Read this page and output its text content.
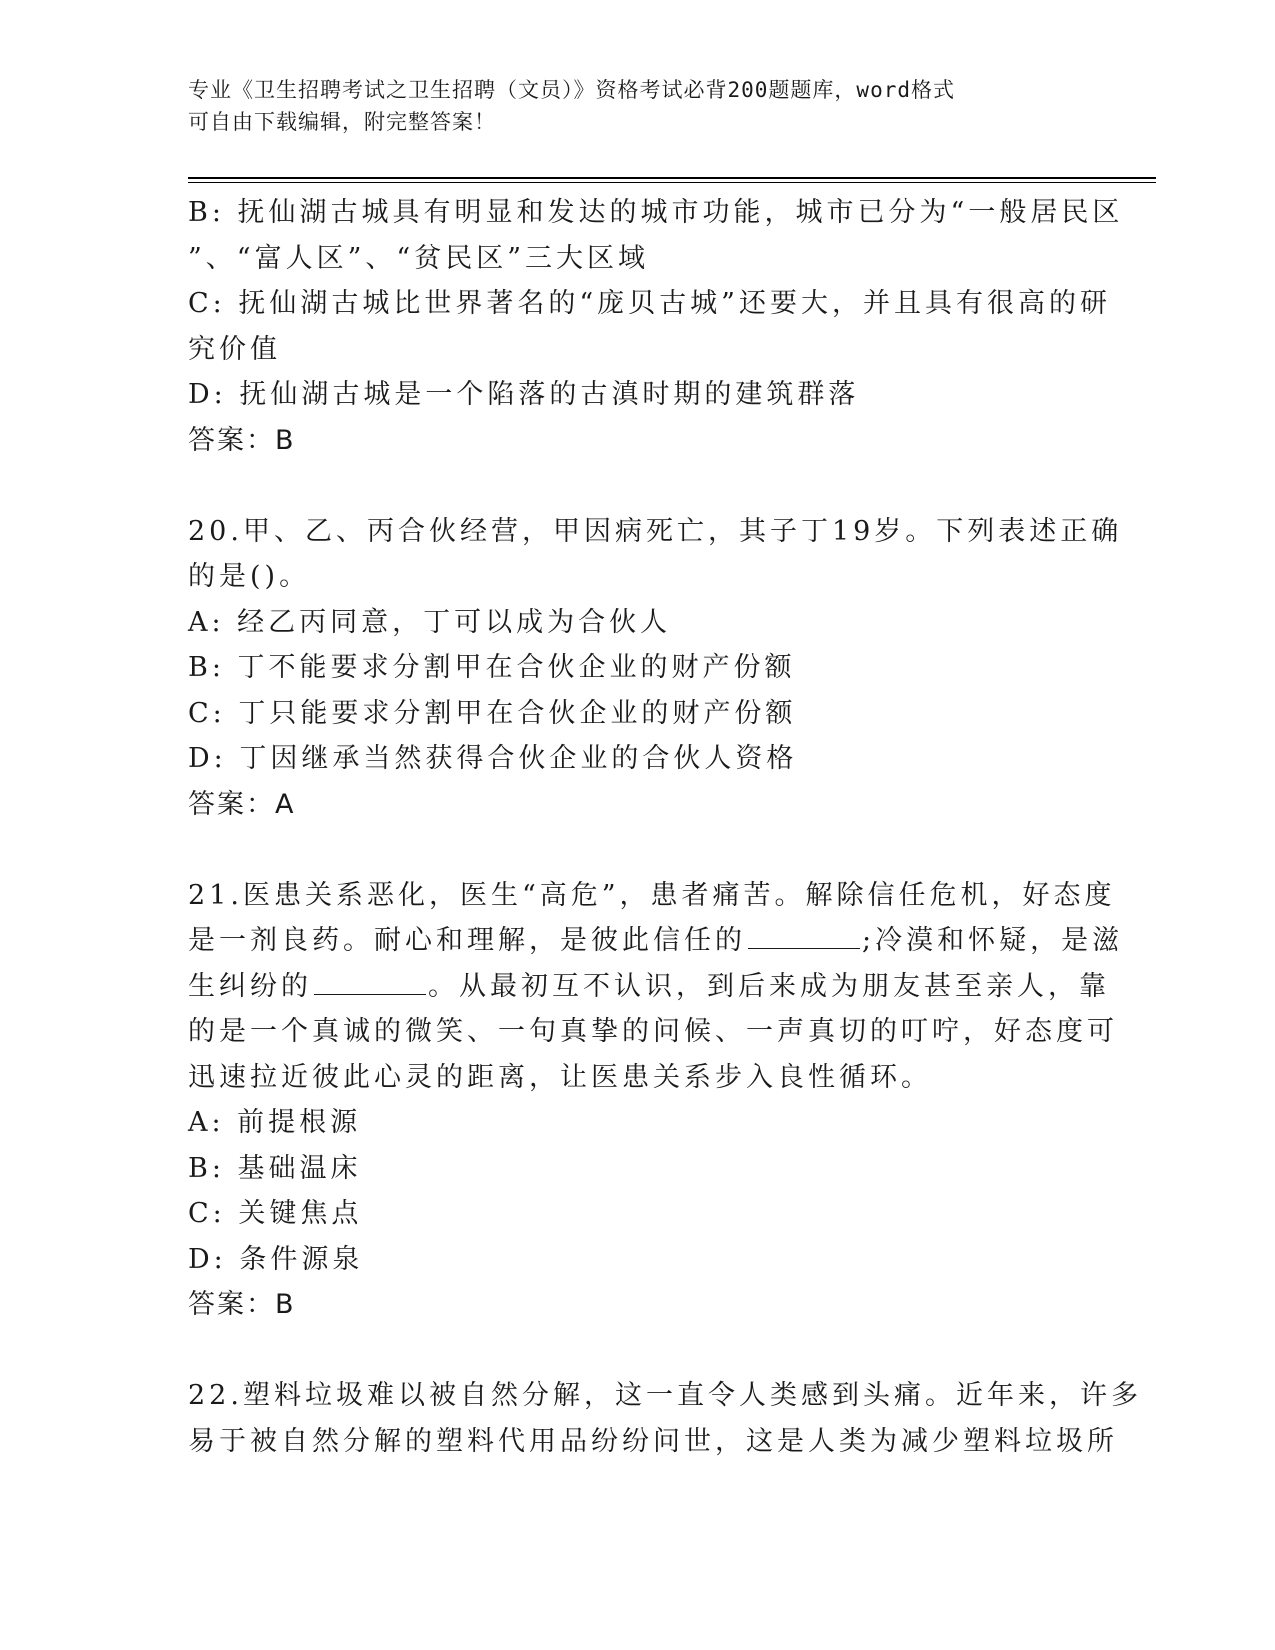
专业《卫生招聘考试之卫生招聘（文员）》资格考试必背200题题库，word格式
可自由下载编辑，附完整答案！

B: 抚仙湖古城具有明显和发达的城市功能，城市已分为“一般居民区

”、“富人区”、“贫民区”三大区域

C: 抚仙湖古城比世界著名的“庞贝古城”还要大，并且具有很高的研

究价值

D: 抚仙湖古城是一个陷落的古滇时期的建筑群落

答案：B

20.甲、乙、丙合伙经营，甲因病死亡，其子丁19岁。下列表述正确

的是()。

A: 经乙丙同意，丁可以成为合伙人

B: 丁不能要求分割甲在合伙企业的财产份额

C: 丁只能要求分割甲在合伙企业的财产份额

D: 丁因继承当然获得合伙企业的合伙人资格

答案：A

21.医患关系恶化，医生“高危”，患者痛苦。解除信任危机，好态度

是一剂良药。耐心和理解，是彼此信任的	;冷漠和怀疑，是滋

生纠纷的	。从最初互不认识，到后来成为朋友甚至亲人，靠

的是一个真诚的微笑、一句真挚的问候、一声真切的叮咛，好态度可

迅速拉近彼此心灵的距离，让医患关系步入良性循环。

A: 前提根源

B: 基础温床

C: 关键焦点

D: 条件源泉

答案：B

22.塑料垃圾难以被自然分解，这一直令人类感到头痛。近年来，许多

易于被自然分解的塑料代用品纷纷问世，这是人类为减少塑料垃圾所
